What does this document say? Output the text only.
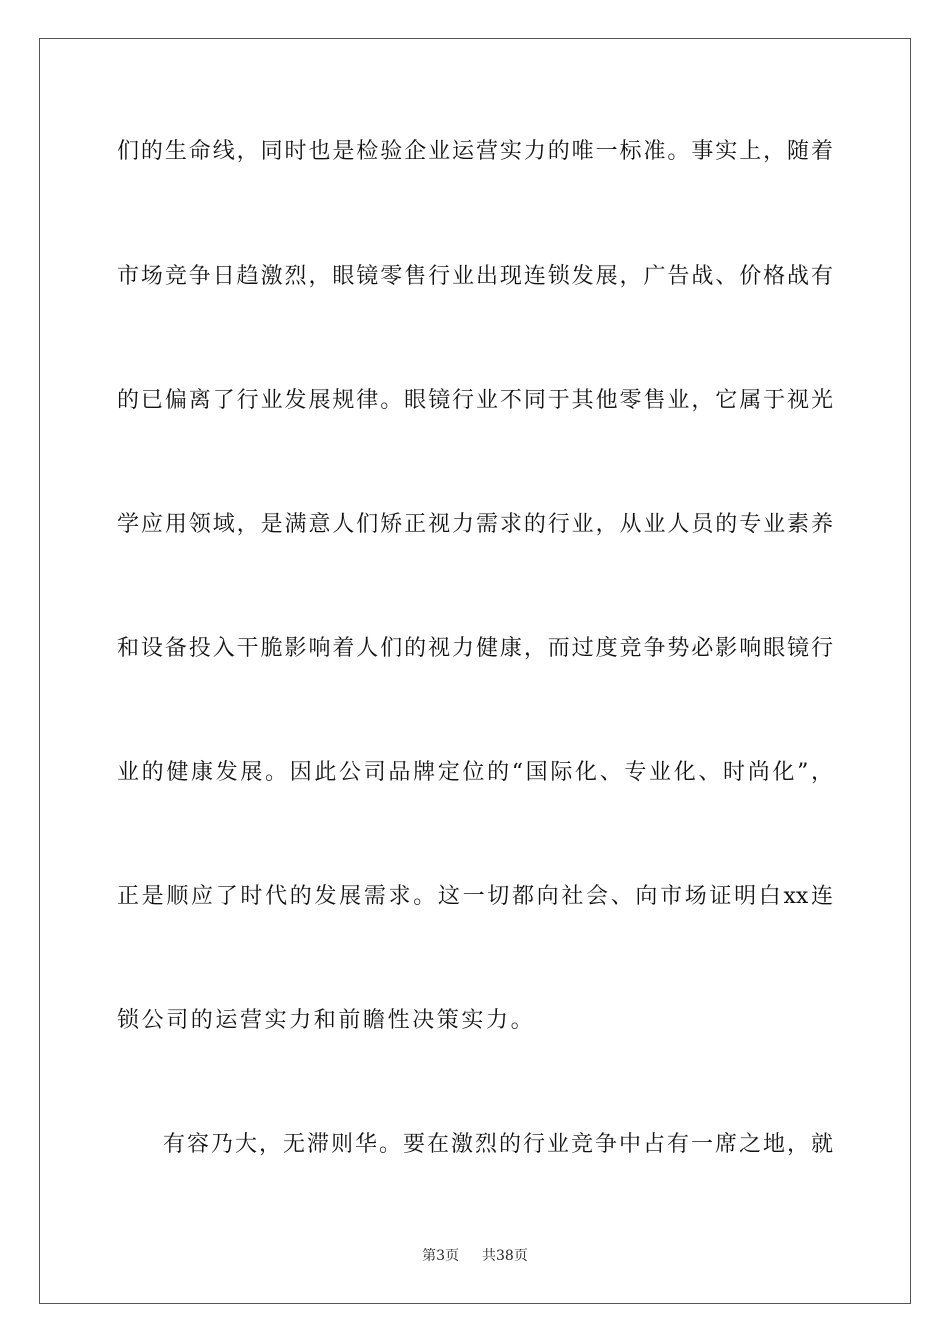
们的生命线，同时也是检验企业运营实力的唯一标准。事实上，随着
市场竞争日趋激烈，眼镜零售行业出现连锁发展，广告战、价格战有
的已偏离了行业发展规律。眼镜行业不同于其他零售业，它属于视光
学应用领域，是满意人们矫正视力需求的行业，从业人员的专业素养
和设备投入干脆影响着人们的视力健康，而过度竞争势必影响眼镜行
业的健康发展。因此公司品牌定位的“国际化、专业化、时尚化”，
正是顺应了时代的发展需求。这一切都向社会、向市场证明白xx连
锁公司的运营实力和前瞻性决策实力。
有容乃大，无滞则华。要在激烈的行业竞争中占有一席之地，就
第3页 共38页
